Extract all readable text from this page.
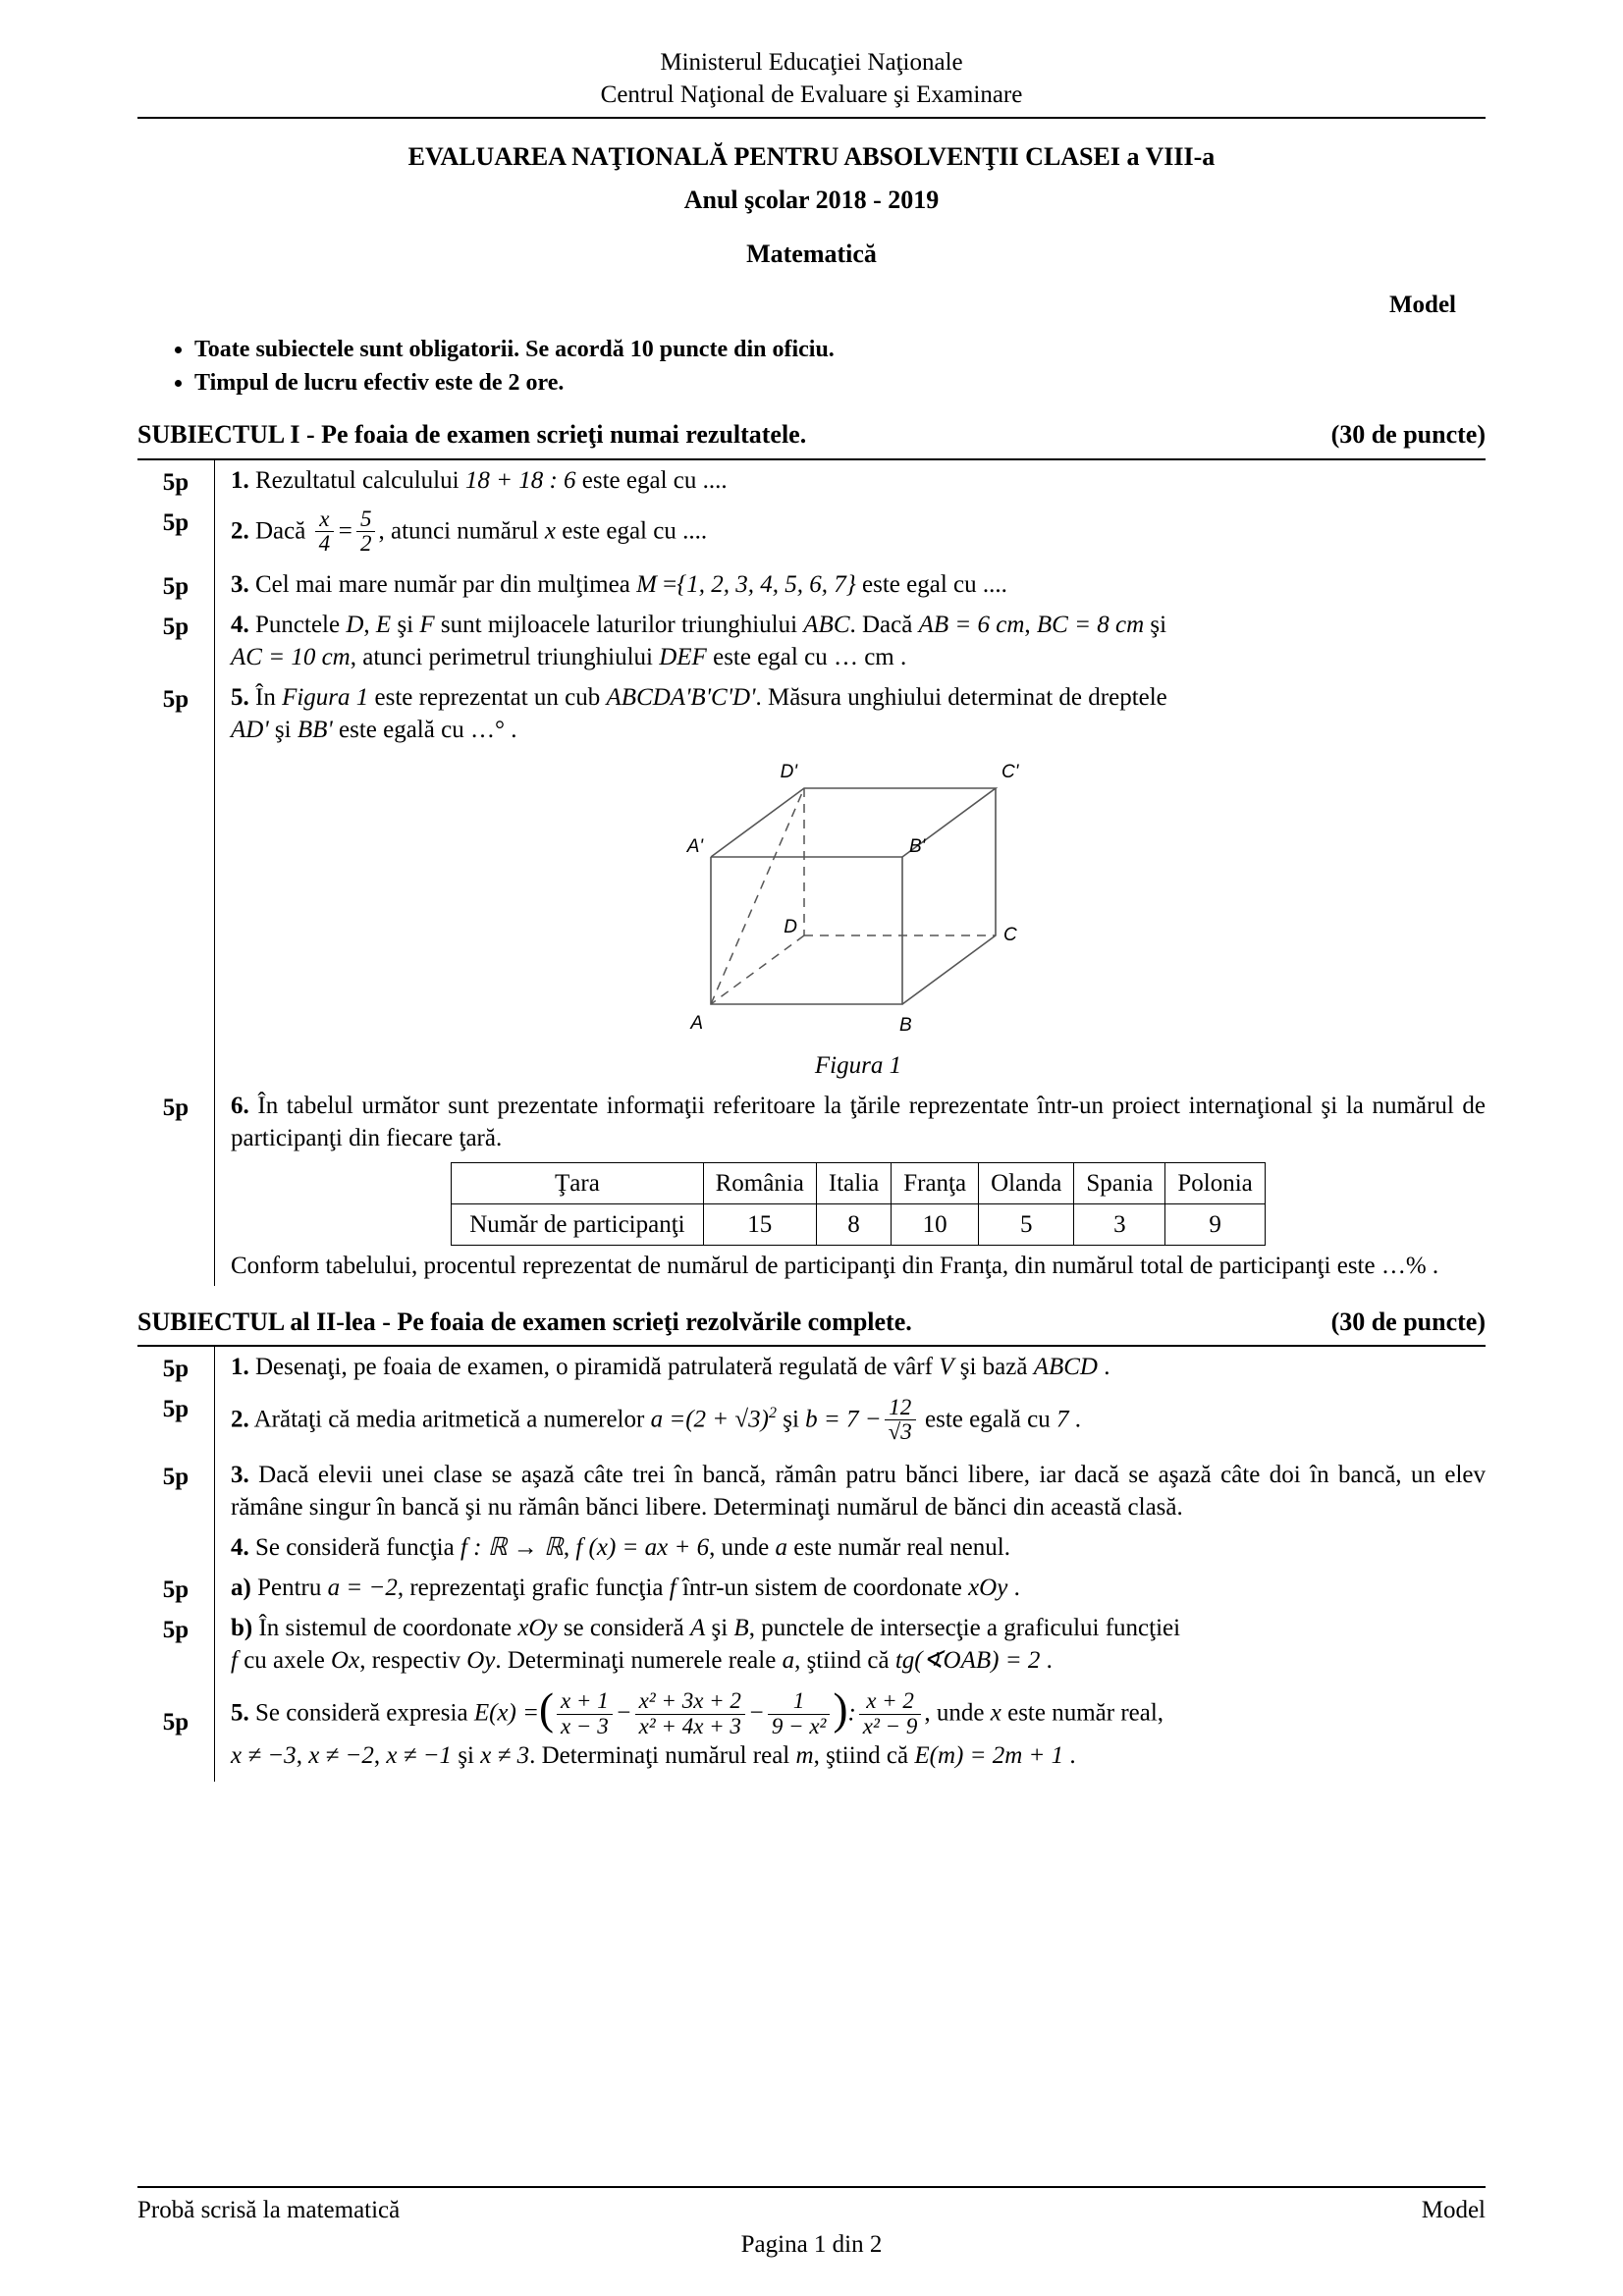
Ministerul Educaţiei Naţionale
Centrul Naţional de Evaluare şi Examinare
EVALUAREA NAŢIONALĂ PENTRU ABSOLVENŢII CLASEI a VIII-a
Anul şcolar 2018 - 2019
Matematică
Model
• Toate subiectele sunt obligatorii. Se acordă 10 puncte din oficiu.
• Timpul de lucru efectiv este de 2 ore.
SUBIECTUL I - Pe foaia de examen scrieţi numai rezultatele.	(30 de puncte)
5p	1. Rezultatul calculului 18 + 18 : 6 este egal cu ....
5p	2. Dacă $\frac{x}{4} = \frac{5}{2}$ , atunci numărul x este egal cu ....
5p	3. Cel mai mare număr par din mulţimea M ={1, 2, 3, 4, 5, 6, 7} este egal cu ....
5p	4. Punctele D, E şi F sunt mijloacele laturilor triunghiului ABC. Dacă AB = 6 cm, BC = 8 cm şi
AC = 10 cm, atunci perimetrul triunghiului DEF este egal cu … cm .
5p	5. În Figura 1 este reprezentat un cub ABCDA'B'C'D'. Măsura unghiului determinat de dreptele
AD' şi BB' este egală cu …° .
D'	C'
A'	B'
D	C
A	B
Figura 1
5p	6. În tabelul următor sunt prezentate informaţii referitoare la ţările reprezentate într-un proiect internaţional şi la numărul de participanţi din fiecare ţară.
Ţara	România	Italia	Franţa	Olanda	Spania	Polonia
Număr de participanţi	15	8	10	5	3	9
Conform tabelului, procentul reprezentat de numărul de participanţi din Franţa, din numărul total de participanţi este …% .
SUBIECTUL al II-lea - Pe foaia de examen scrieţi rezolvările complete.	(30 de puncte)
5p	1. Desenaţi, pe foaia de examen, o piramidă patrulateră regulată de vârf V şi bază ABCD .
5p	2. Arătaţi că media aritmetică a numerelor $a =(2 + √3)^2$ şi $b = 7 - \frac{12}{√3}$ este egală cu 7 .
5p	3. Dacă elevii unei clase se aşază câte trei în bancă, rămân patru bănci libere, iar dacă se aşază câte doi în bancă, un elev rămâne singur în bancă şi nu rămân bănci libere. Determinaţi numărul de bănci din această clasă.
4. Se consideră funcţia f : ℝ → ℝ, f (x) = ax + 6, unde a este număr real nenul.
5p	a) Pentru a = −2, reprezentaţi grafic funcţia f într-un sistem de coordonate xOy .
5p	b) În sistemul de coordonate xOy se consideră A şi B, punctele de intersecţie a graficului funcţiei
f cu axele Ox, respectiv Oy. Determinaţi numerele reale a, ştiind că tg(∢OAB) = 2 .
5p	5. Se consideră expresia E(x) =( $\frac{x + 1}{x - 3} - \frac{\text{x² + 3x + 2}}{\text{x² + 4x + 3}} - \frac{1}{\text{9 − x²}}$ ): $\frac{x + 2}{\text{x² − 9}}$ , unde x este număr real,
x ≠ −3, x ≠ −2, x ≠ −1 şi x ≠ 3. Determinaţi numărul real m, ştiind că E(m) = 2m + 1 .
Probă scrisă la matematică	Model
Pagina 1 din 2
